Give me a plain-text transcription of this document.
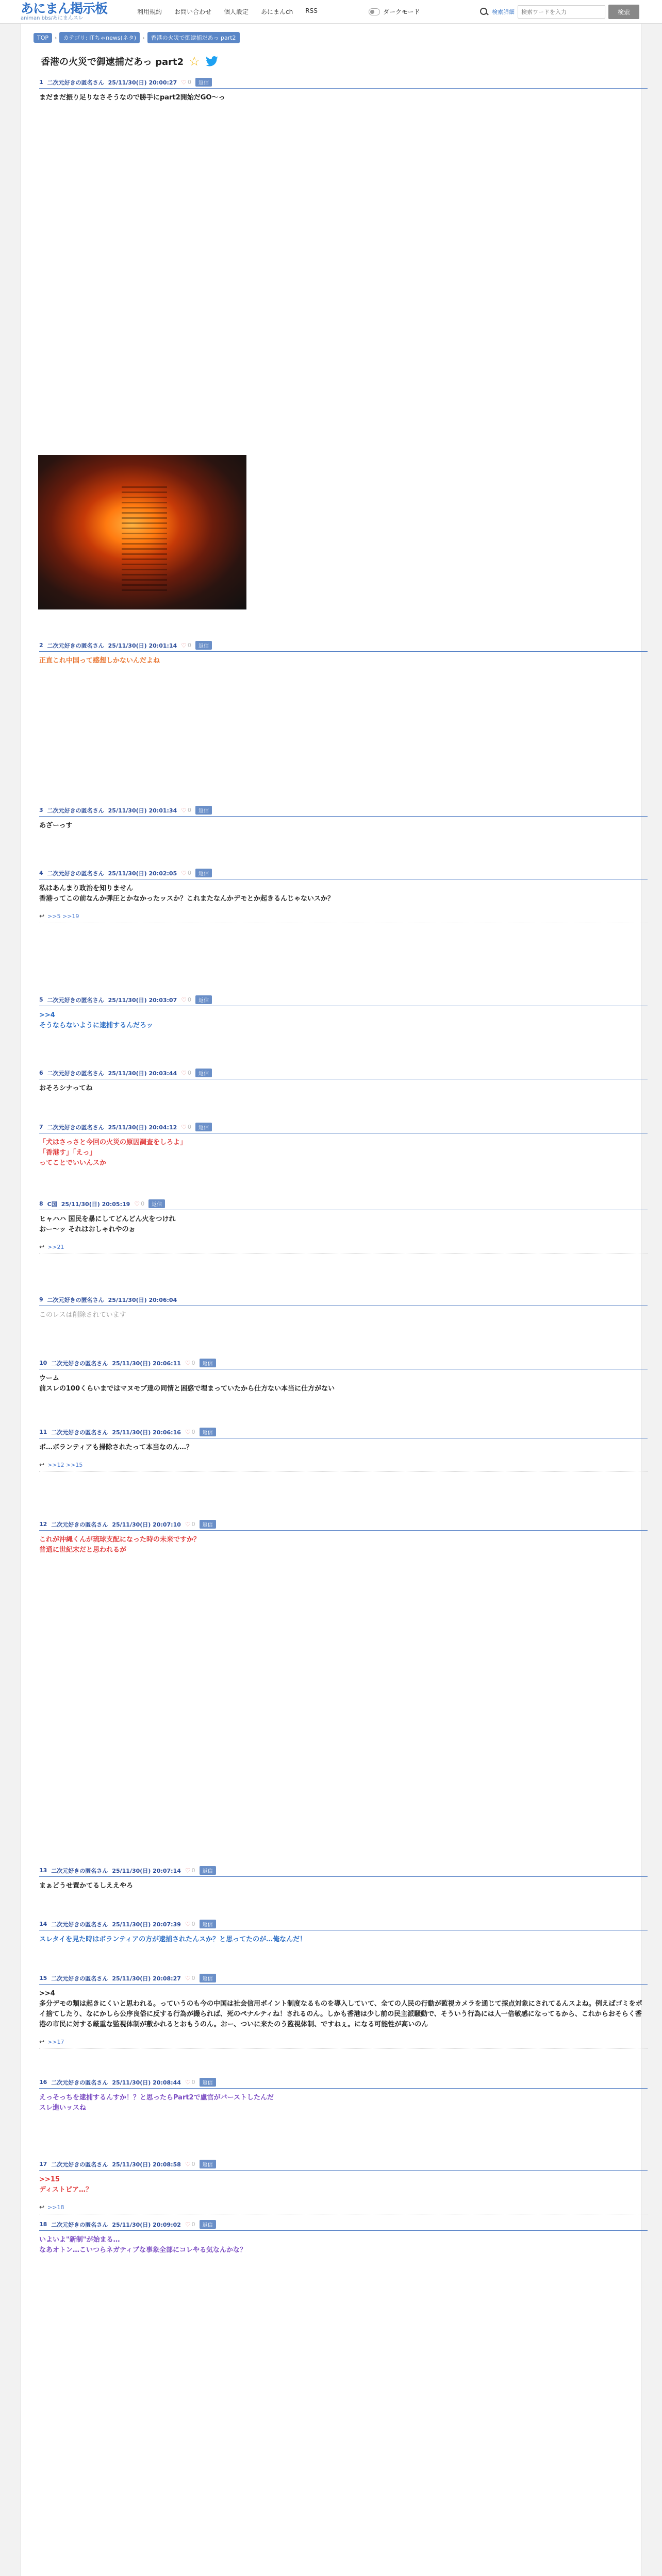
あにまん掲示板
animan bbs/あにまんスレ
利用規約 お問い合わせ 個人設定 あにまんch RSS	ダークモード	検索詳細
検索ワードを入力	検索
TOP	›	カテゴリ: ITちゃnews(ネタ)	›	香港の火災で御逮捕だあっ part2
香港の火災で御逮捕だあっ part2 ☆
1 二次元好きの匿名さん 25/11/30(日) 20:00:27 ♡ 0	返信
まだまだ振り足りなさそうなので勝手にpart2開始だGO〜っ
2 二次元好きの匿名さん 25/11/30(日) 20:01:14 ♡ 0	返信
正直これ中国って感想しかないんだよね
3 二次元好きの匿名さん 25/11/30(日) 20:01:34 ♡ 0	返信
あざーっす
4 二次元好きの匿名さん 25/11/30(日) 20:02:05 ♡ 0	返信
私はあんまり政治を知りません
香港ってこの前なんか弾圧とかなかったッスか？これまたなんかデモとか起きるんじゃないスか？
↩ >>5 >>19
5 二次元好きの匿名さん 25/11/30(日) 20:03:07 ♡ 0	返信
>>4
そうならないように逮捕するんだろッ
6 二次元好きの匿名さん 25/11/30(日) 20:03:44 ♡ 0	返信
おそろシナってね
7 二次元好きの匿名さん 25/11/30(日) 20:04:12 ♡ 0	返信
「犬はさっさと今回の火災の原因調査をしろよ」
「香港す」「えっ」
ってことでいいんスか
8 C国 25/11/30(日) 20:05:19 ♡ 0	返信
ヒャハハ 国民を暴にしてどんどん火をつけれ
おー〜ッ それはおしゃれやのぉ
↩ >>21
9 二次元好きの匿名さん 25/11/30(日) 20:06:04
このレスは削除されています
10 二次元好きの匿名さん 25/11/30(日) 20:06:11 ♡ 0	返信
ウーム
前スレの100くらいまではマヌモブ達の同情と困惑で埋まっていたから仕方ない本当に仕方がない
11 二次元好きの匿名さん 25/11/30(日) 20:06:16 ♡ 0	返信
ボ…ボランティアも掃除されたって本当なのん…？
↩ >>12 >>15
12 二次元好きの匿名さん 25/11/30(日) 20:07:10 ♡ 0	返信
これが沖縄くんが琉球支配になった時の未来ですか？
普通に世紀末だと思われるが
13 二次元好きの匿名さん 25/11/30(日) 20:07:14 ♡ 0	返信
まぁどうせ置かてるしええやろ
14 二次元好きの匿名さん 25/11/30(日) 20:07:39 ♡ 0	返信
スレタイを見た時はボランティアの方が逮捕されたんスか？と思ってたのが…俺なんだ！
15 二次元好きの匿名さん 25/11/30(日) 20:08:27 ♡ 0	返信
>>4
多分デモの類は起きにくいと思われる。っていうのも今の中国は社会信用ポイント制度なるものを導入していて、全ての人民の行動が監視カメラを通じて採点対象にされてるんスよね。例えばゴミをポイ捨てしたり、なにかしら公序良俗に反する行為が撮られば、死のペナルティね！されるのん。しかも香港は少し前の民主派騒動で、そういう行為には人一倍敏感になってるから、これからおそらく香港の市民に対する厳重な監視体制が敷かれるとおもうのん。おー、ついに来たのう監視体制、ですねぇ。になる可能性が高いのん
↩ >>17
16 二次元好きの匿名さん 25/11/30(日) 20:08:44 ♡ 0	返信
えっそっちを逮捕するんすか！？と思ったらPart2で盧官がバーストしたんだ
スレ進いッスね
17 二次元好きの匿名さん 25/11/30(日) 20:08:58 ♡ 0	返信
>>15
ディストピア…？
↩ >>18
18 二次元好きの匿名さん 25/11/30(日) 20:09:02 ♡ 0	返信
いよいよ"新制"が始まる…
なあオトン…こいつらネガティブな事象全部にコレやる気なんかな？
